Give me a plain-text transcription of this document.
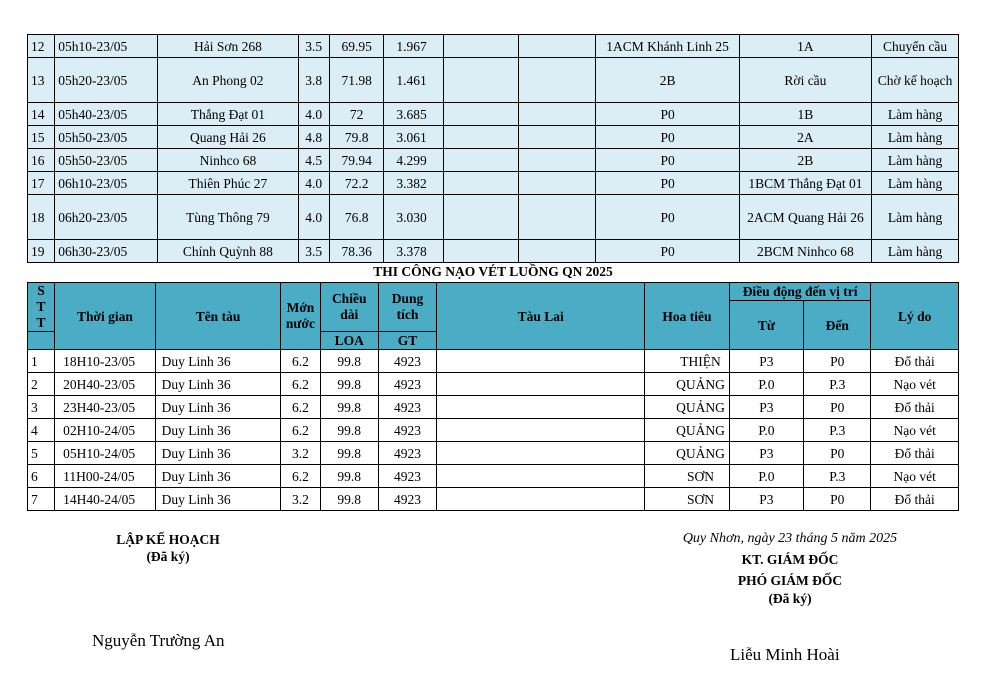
12	05h10-23/05	Hải Sơn 268	3.5	69.95	1.967			1ACM Khánh Linh 25	1A	Chuyển cầu
13	05h20-23/05	An Phong 02	3.8	71.98	1.461			2B	Rời cầu	Chờ kế hoạch
14	05h40-23/05	Thắng Đạt 01	4.0	72	3.685			P0	1B	Làm hàng
15	05h50-23/05	Quang Hải 26	4.8	79.8	3.061			P0	2A	Làm hàng
16	05h50-23/05	Ninhco 68	4.5	79.94	4.299			P0	2B	Làm hàng
17	06h10-23/05	Thiên Phúc 27	4.0	72.2	3.382			P0	1BCM Thắng Đạt 01	Làm hàng
18	06h20-23/05	Tùng Thông 79	4.0	76.8	3.030			P0	2ACM Quang Hải 26	Làm hàng
19	06h30-23/05	Chính Quỳnh 88	3.5	78.36	3.378			P0	2BCM Ninhco 68	Làm hàng
THI CÔNG NẠO VÉT LUỒNG QN 2025
S T T	Thời gian	Tên tàu	Mớn nước	Chiều dài	Dung tích	Tàu Lai	Hoa tiêu	Điều động đến vị trí		Lý do
								Từ	Đến	
				LOA	GT					
1	18H10-23/05	Duy Linh 36	6.2	99.8	4923		THIỆN	P3	P0	Đổ thải
2	20H40-23/05	Duy Linh 36	6.2	99.8	4923		QUẢNG	P.0	P.3	Nạo vét
3	23H40-23/05	Duy Linh 36	6.2	99.8	4923		QUẢNG	P3	P0	Đổ thải
4	02H10-24/05	Duy Linh 36	6.2	99.8	4923		QUẢNG	P.0	P.3	Nạo vét
5	05H10-24/05	Duy Linh 36	3.2	99.8	4923		QUẢNG	P3	P0	Đổ thải
6	11H00-24/05	Duy Linh 36	6.2	99.8	4923		SƠN	P.0	P.3	Nạo vét
7	14H40-24/05	Duy Linh 36	3.2	99.8	4923		SƠN	P3	P0	Đổ thải
LẬP KẾ HOẠCH
(Đã ký)
Nguyễn Trường An
Quy Nhơn, ngày 23 tháng 5 năm 2025
KT. GIÁM ĐỐC
PHÓ GIÁM ĐỐC
(Đã ký)
Liễu Minh Hoài
